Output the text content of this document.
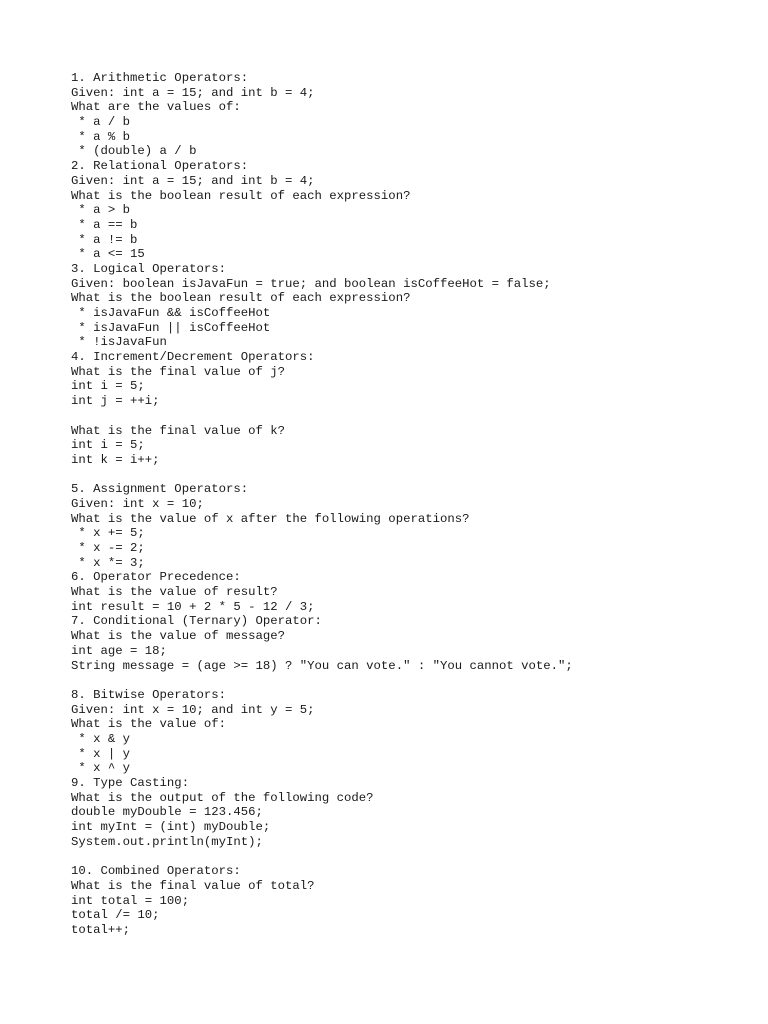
1. Arithmetic Operators:
Given: int a = 15; and int b = 4;
What are the values of:
* a / b
* a % b
* (double) a / b
2. Relational Operators:
Given: int a = 15; and int b = 4;
What is the boolean result of each expression?
* a > b
* a == b
* a != b
* a <= 15
3. Logical Operators:
Given: boolean isJavaFun = true; and boolean isCoffeeHot = false;
What is the boolean result of each expression?
* isJavaFun && isCoffeeHot
* isJavaFun || isCoffeeHot
* !isJavaFun
4. Increment/Decrement Operators:
What is the final value of j?
int i = 5;
int j = ++i;
What is the final value of k?
int i = 5;
int k = i++;
5. Assignment Operators:
Given: int x = 10;
What is the value of x after the following operations?
* x += 5;
* x -= 2;
* x *= 3;
6. Operator Precedence:
What is the value of result?
int result = 10 + 2 * 5 - 12 / 3;
7. Conditional (Ternary) Operator:
What is the value of message?
int age = 18;
String message = (age >= 18) ? "You can vote." : "You cannot vote.";
8. Bitwise Operators:
Given: int x = 10; and int y = 5;
What is the value of:
* x & y
* x | y
* x ^ y
9. Type Casting:
What is the output of the following code?
double myDouble = 123.456;
int myInt = (int) myDouble;
System.out.println(myInt);
10. Combined Operators:
What is the final value of total?
int total = 100;
total /= 10;
total++;
